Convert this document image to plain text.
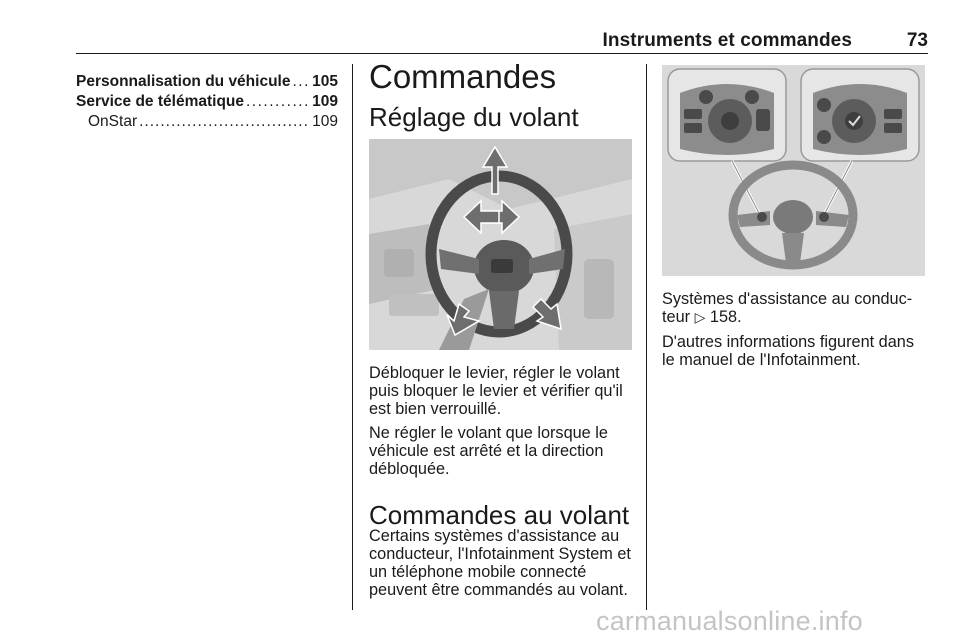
Instruments et commandes	73
Personnalisation du véhicule ..... 105
Service de télématique .....	109
OnStar .....	109
Commandes
Réglage du volant

Débloquer le levier, régler le volant puis bloquer le levier et vérifier qu'il est bien verrouillé.

Ne régler le volant que lorsque le véhicule est arrêté et la direction débloquée.

Commandes au volant

Certains systèmes d'assistance au conducteur, l'Infotainment System et un téléphone mobile connecté peuvent être commandés au volant.

Systèmes d'assistance au conduc-teur ▷ 158.

D'autres informations figurent dans le manuel de l'Infotainment.

carmanualsonline.info
